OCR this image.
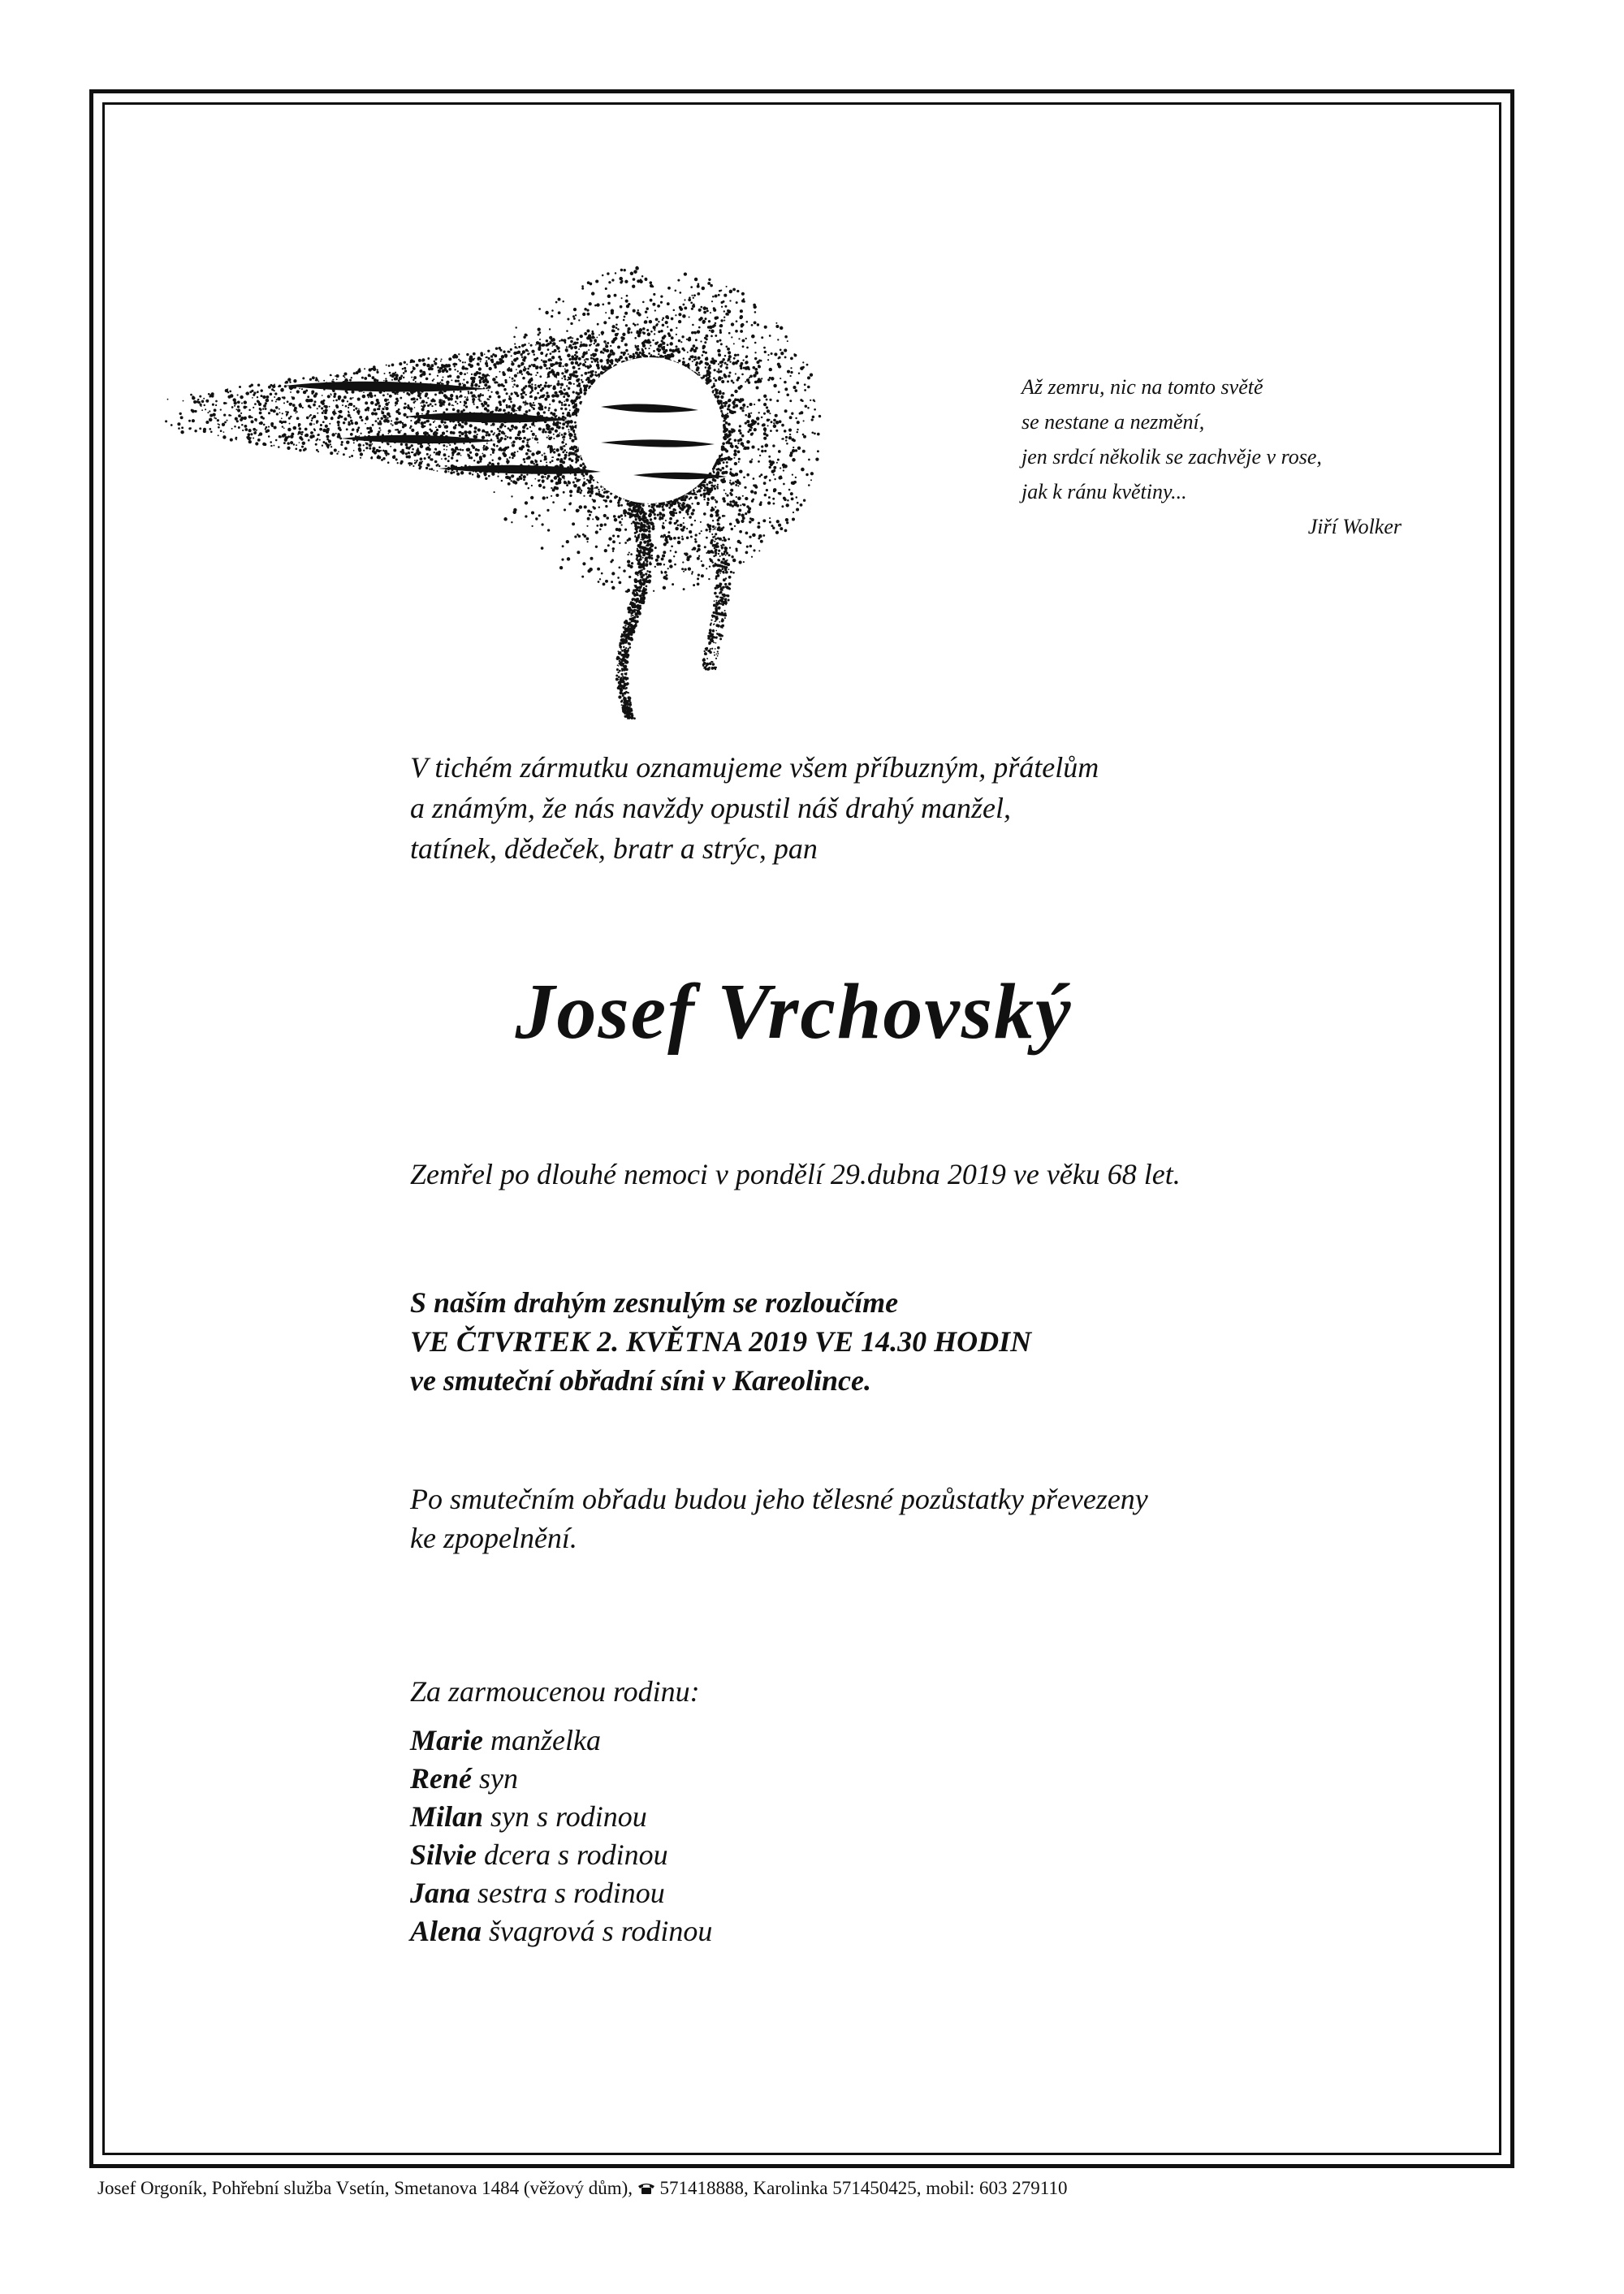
Až zemru, nic na tomto světě
se nestane a nezmění,
jen srdcí několik se zachvěje v rose,
jak k ránu květiny...
Jiří Wolker
V tichém zármutku oznamujeme všem příbuzným, přátelům
a známým, že nás navždy opustil náš drahý manžel,
tatínek, dědeček, bratr a strýc, pan
Josef Vrchovský
Zemřel po dlouhé nemoci v pondělí 29.dubna 2019 ve věku 68 let.
S naším drahým zesnulým se rozloučíme
VE ČTVRTEK 2. KVĚTNA 2019 VE 14.30 HODIN
ve smuteční obřadní síni v Kareolince.
Po smutečním obřadu budou jeho tělesné pozůstatky převezeny
ke zpopelnění.
Za zarmoucenou rodinu:
Marie manželka
René syn
Milan syn s rodinou
Silvie dcera s rodinou
Jana sestra s rodinou
Alena švagrová s rodinou
Josef Orgoník, Pohřební služba Vsetín, Smetanova 1484 (věžový dům), 571418888, Karolinka 571450425, mobil: 603 279110
